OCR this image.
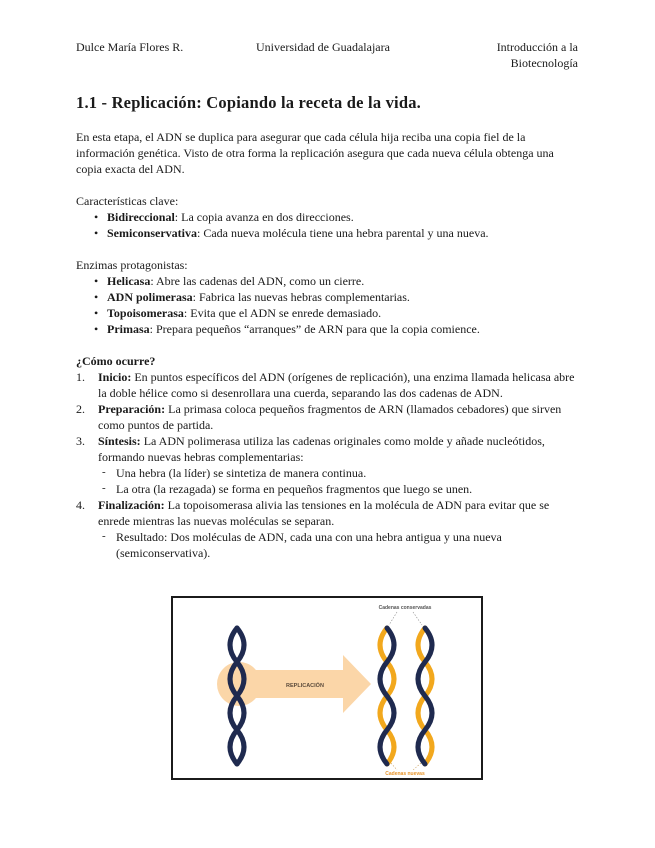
Dulce María Flores R.	Universidad de Guadalajara	Introducción a la
Biotecnología
1.1 - Replicación: Copiando la receta de la vida.
En esta etapa, el ADN se duplica para asegurar que cada célula hija reciba una copia fiel de la información genética. Visto de otra forma la replicación asegura que cada nueva célula obtenga una copia exacta del ADN.

Características clave:

• Bidireccional: La copia avanza en dos direcciones.
• Semiconservativa: Cada nueva molécula tiene una hebra parental y una nueva.

Enzimas protagonistas:

• Helicasa: Abre las cadenas del ADN, como un cierre.
• ADN polimerasa: Fabrica las nuevas hebras complementarias.
• Topoisomerasa: Evita que el ADN se enrede demasiado.
• Primasa: Prepara pequeños “arranques” de ARN para que la copia comience.

¿Cómo ocurre?

1. Inicio: En puntos específicos del ADN (orígenes de replicación), una enzima llamada helicasa abre la doble hélice como si desenrollara una cuerda, separando las dos cadenas de ADN.
2. Preparación: La primasa coloca pequeños fragmentos de ARN (llamados cebadores) que sirven como puntos de partida.
3. Síntesis: La ADN polimerasa utiliza las cadenas originales como molde y añade nucleótidos, formando nuevas hebras complementarias:
- Una hebra (la líder) se sintetiza de manera continua.
- La otra (la rezagada) se forma en pequeños fragmentos que luego se unen.
4. Finalización: La topoisomerasa alivia las tensiones en la molécula de ADN para evitar que se enrede mientras las nuevas moléculas se separan.
- Resultado: Dos moléculas de ADN, cada una con una hebra antigua y una nueva (semiconservativa).
REPLICACIÓN
Cadenas conservadas
Cadenas nuevas
